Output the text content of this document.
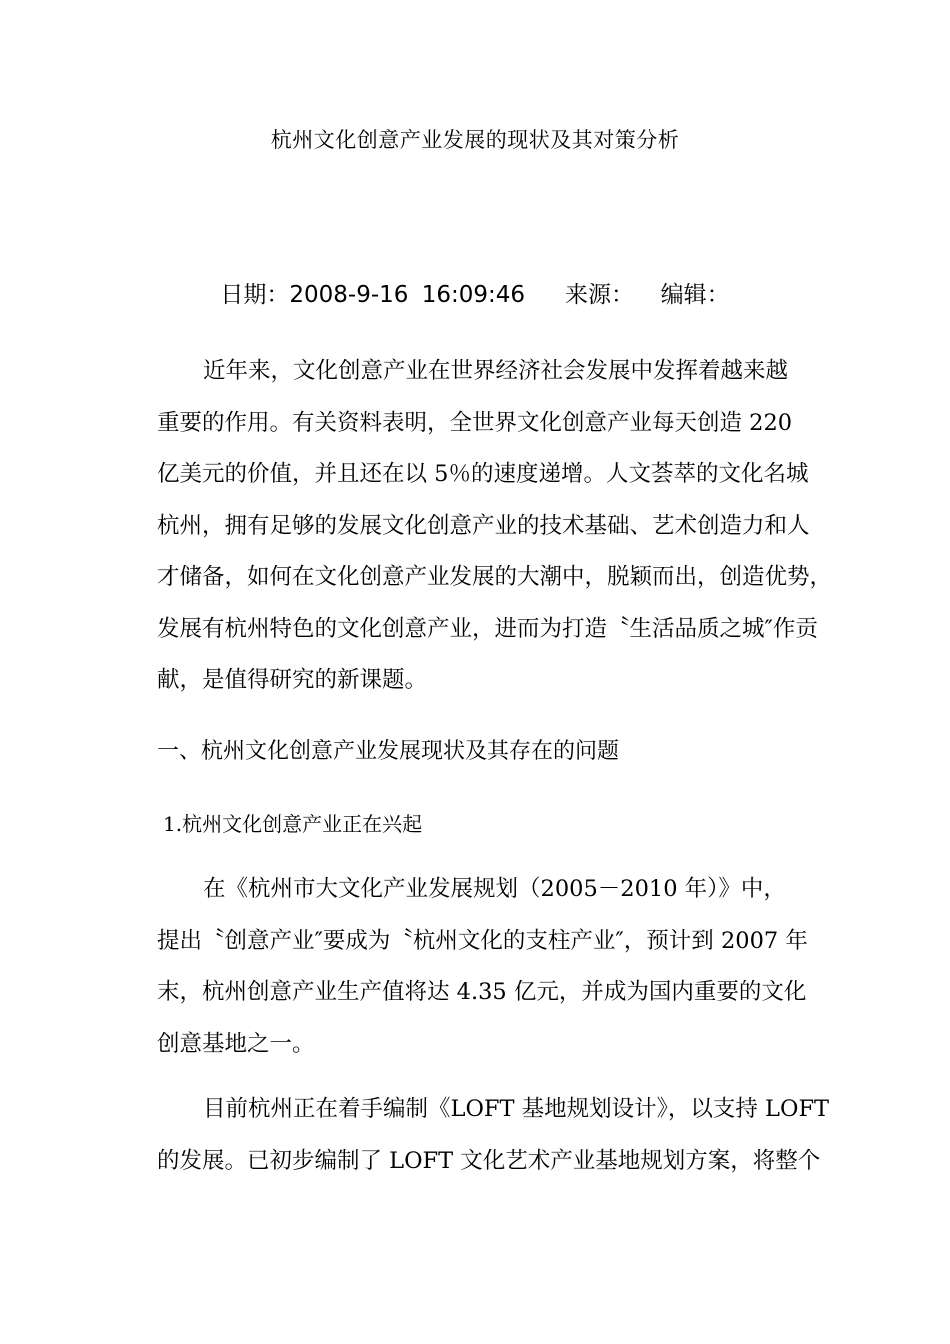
杭州文化创意产业发展的现状及其对策分析
日期：2008-9-16 16:09:46 来源： 编辑：
近年来，文化创意产业在世界经济社会发展中发挥着越来越
重要的作用。有关资料表明，全世界文化创意产业每天创造 220
亿美元的价值，并且还在以 5％的速度递增。人文荟萃的文化名城
杭州，拥有足够的发展文化创意产业的技术基础、艺术创造力和人
才储备，如何在文化创意产业发展的大潮中，脱颖而出，创造优势，
发展有杭州特色的文化创意产业，进而为打造〝生活品质之城″作贡
献，是值得研究的新课题。
一、杭州文化创意产业发展现状及其存在的问题
1.杭州文化创意产业正在兴起
在《杭州市大文化产业发展规划（2005－2010 年）》中，
提出〝创意产业″要成为〝杭州文化的支柱产业″，预计到 2007 年
末，杭州创意产业生产值将达 4.35 亿元，并成为国内重要的文化
创意基地之一。
目前杭州正在着手编制《LOFT 基地规划设计》，以支持 LOFT
的发展。已初步编制了 LOFT 文化艺术产业基地规划方案，将整个
